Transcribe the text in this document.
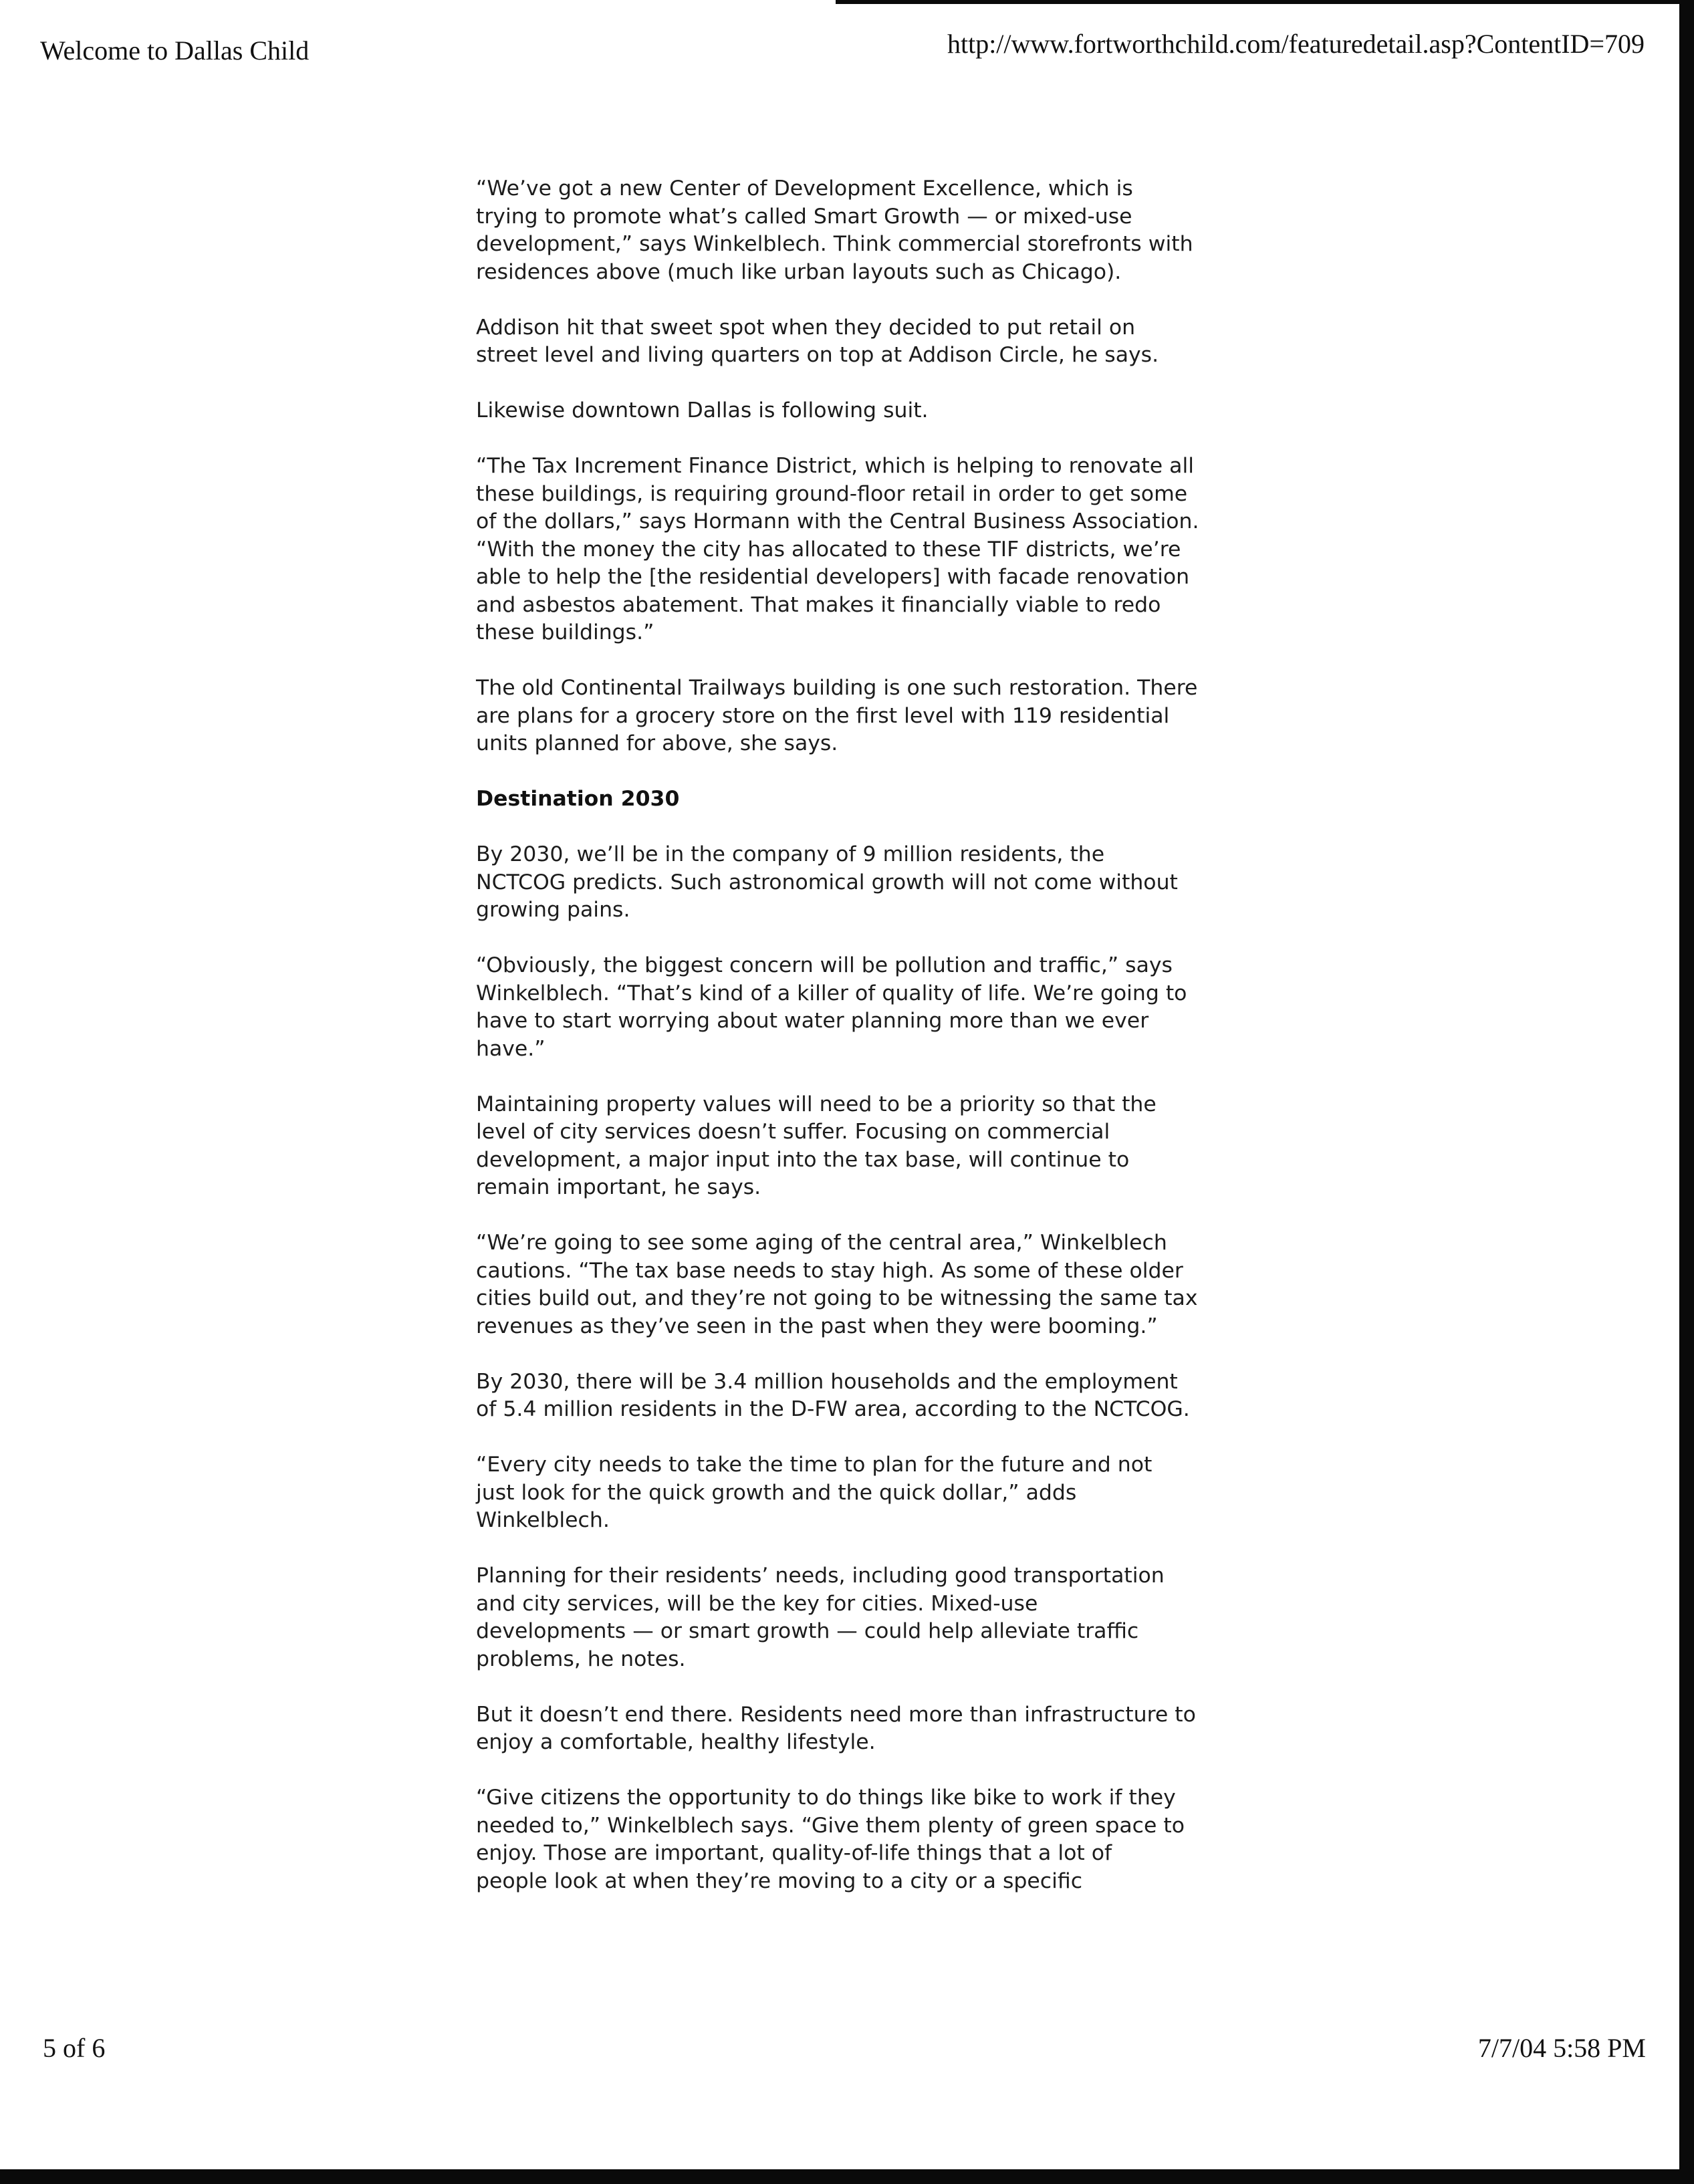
Welcome to Dallas Child	http://www.fortworthchild.com/featuredetail.asp?ContentID=709

“We’ve got a new Center of Development Excellence, which is
trying to promote what’s called Smart Growth — or mixed-use
development,” says Winkelblech. Think commercial storefronts with
residences above (much like urban layouts such as Chicago).

Addison hit that sweet spot when they decided to put retail on
street level and living quarters on top at Addison Circle, he says.

Likewise downtown Dallas is following suit.

“The Tax Increment Finance District, which is helping to renovate all
these buildings, is requiring ground-floor retail in order to get some
of the dollars,” says Hormann with the Central Business Association.
“With the money the city has allocated to these TIF districts, we’re
able to help the [the residential developers] with facade renovation
and asbestos abatement. That makes it financially viable to redo
these buildings.”

The old Continental Trailways building is one such restoration. There
are plans for a grocery store on the first level with 119 residential
units planned for above, she says.

Destination 2030

By 2030, we’ll be in the company of 9 million residents, the
NCTCOG predicts. Such astronomical growth will not come without
growing pains.

“Obviously, the biggest concern will be pollution and traffic,” says
Winkelblech. “That’s kind of a killer of quality of life. We’re going to
have to start worrying about water planning more than we ever
have.”

Maintaining property values will need to be a priority so that the
level of city services doesn’t suffer. Focusing on commercial
development, a major input into the tax base, will continue to
remain important, he says.

“We’re going to see some aging of the central area,” Winkelblech
cautions. “The tax base needs to stay high. As some of these older
cities build out, and they’re not going to be witnessing the same tax
revenues as they’ve seen in the past when they were booming.”

By 2030, there will be 3.4 million households and the employment
of 5.4 million residents in the D-FW area, according to the NCTCOG.

“Every city needs to take the time to plan for the future and not
just look for the quick growth and the quick dollar,” adds
Winkelblech.

Planning for their residents’ needs, including good transportation
and city services, will be the key for cities. Mixed-use
developments — or smart growth — could help alleviate traffic
problems, he notes.

But it doesn’t end there. Residents need more than infrastructure to
enjoy a comfortable, healthy lifestyle.

“Give citizens the opportunity to do things like bike to work if they
needed to,” Winkelblech says. “Give them plenty of green space to
enjoy. Those are important, quality-of-life things that a lot of
people look at when they’re moving to a city or a specific

5 of 6	7/7/04 5:58 PM
